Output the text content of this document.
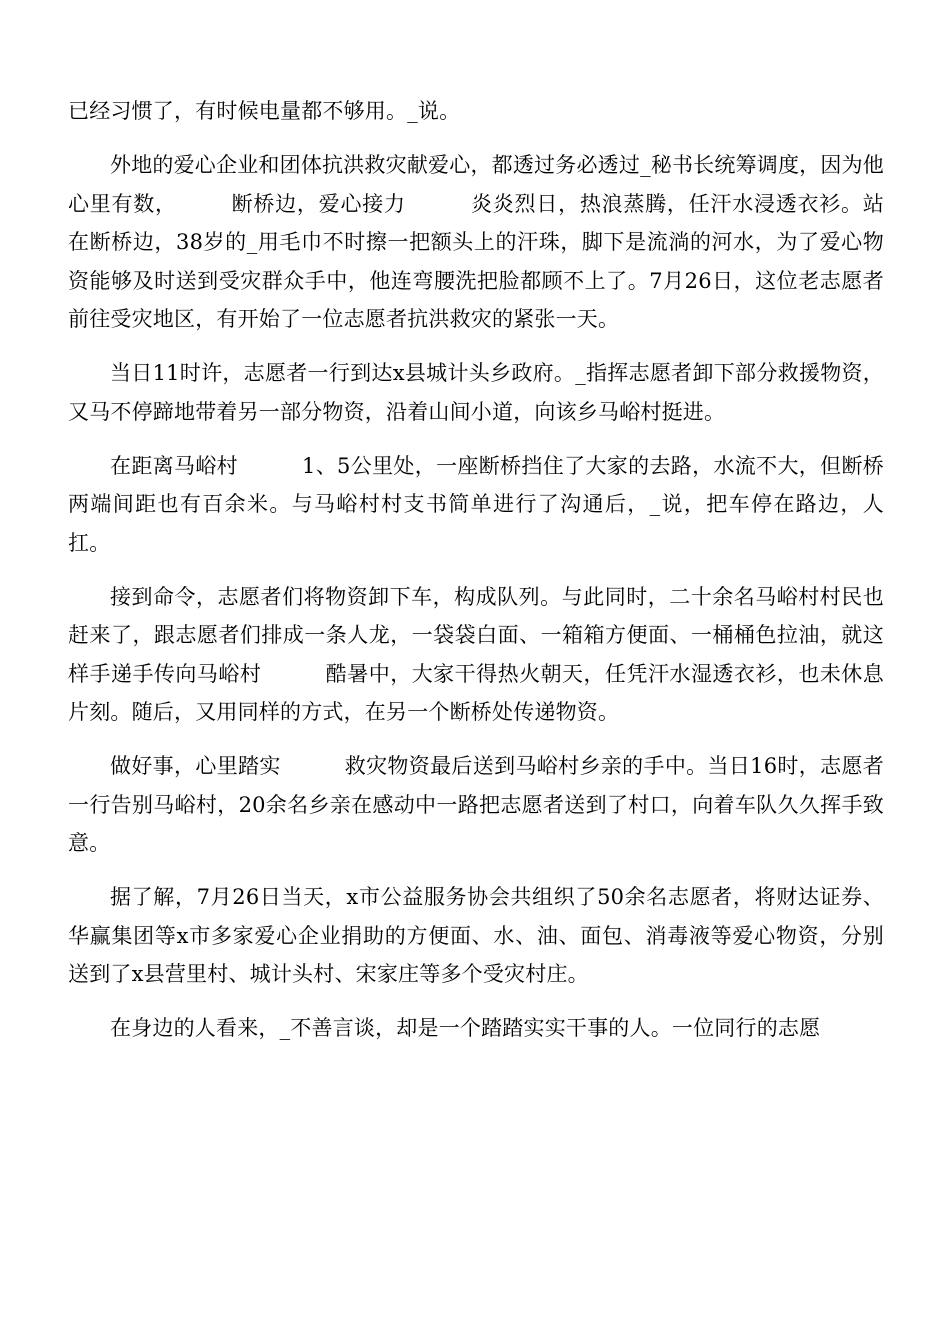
已经习惯了，有时候电量都不够用。_说。

外地的爱心企业和团体抗洪救灾献爱心，都透过务必透过_秘书长统筹调度，因为他心里有数，　　　断桥边，爱心接力　　　炎炎烈日，热浪蒸腾，任汗水浸透衣衫。站在断桥边，38岁的_用毛巾不时擦一把额头上的汗珠，脚下是流淌的河水，为了爱心物资能够及时送到受灾群众手中，他连弯腰洗把脸都顾不上了。7月26日，这位老志愿者前往受灾地区，有开始了一位志愿者抗洪救灾的紧张一天。

当日11时许，志愿者一行到达x县城计头乡政府。_指挥志愿者卸下部分救援物资，又马不停蹄地带着另一部分物资，沿着山间小道，向该乡马峪村挺进。

在距离马峪村　　　1、5公里处，一座断桥挡住了大家的去路，水流不大，但断桥两端间距也有百余米。与马峪村村支书简单进行了沟通后，_说，把车停在路边，人扛。

接到命令，志愿者们将物资卸下车，构成队列。与此同时，二十余名马峪村村民也赶来了，跟志愿者们排成一条人龙，一袋袋白面、一箱箱方便面、一桶桶色拉油，就这样手递手传向马峪村　　　酷暑中，大家干得热火朝天，任凭汗水湿透衣衫，也未休息片刻。随后，又用同样的方式，在另一个断桥处传递物资。

做好事，心里踏实　　　救灾物资最后送到马峪村乡亲的手中。当日16时，志愿者一行告别马峪村，20余名乡亲在感动中一路把志愿者送到了村口，向着车队久久挥手致意。

据了解，7月26日当天，x市公益服务协会共组织了50余名志愿者，将财达证券、华赢集团等x市多家爱心企业捐助的方便面、水、油、面包、消毒液等爱心物资，分别送到了x县营里村、城计头村、宋家庄等多个受灾村庄。

在身边的人看来，_不善言谈，却是一个踏踏实实干事的人。一位同行的志愿
